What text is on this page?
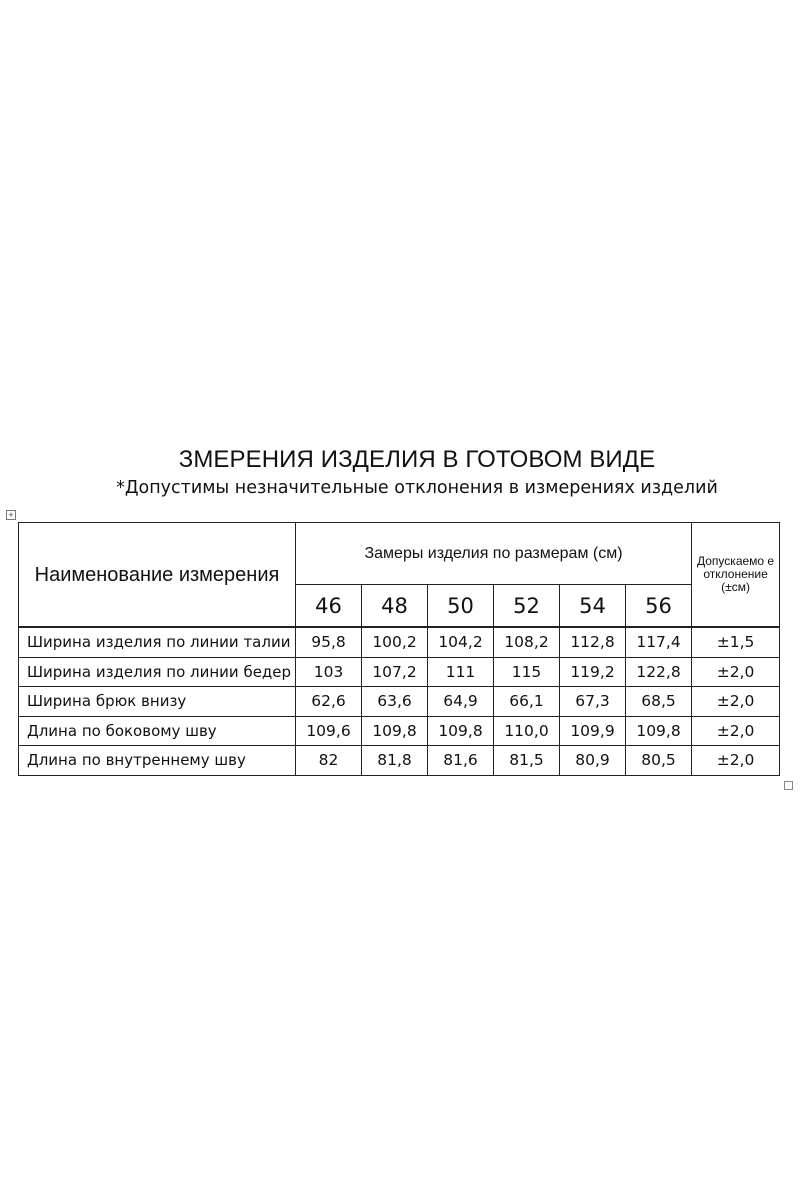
ЗМЕРЕНИЯ ИЗДЕЛИЯ В ГОТОВОМ ВИДЕ
*Допустимы незначительные отклонения в измерениях изделий
+
Наименование измерения	Замеры изделия по размерам (см)						Допускаемо е отклонение (±см)
	46	48	50	52	54	56	

Ширина изделия по линии талии	95,8	100,2	104,2	108,2	112,8	117,4	±1,5
Ширина изделия по линии бедер	103	107,2	111	115	119,2	122,8	±2,0
Ширина брюк внизу	62,6	63,6	64,9	66,1	67,3	68,5	±2,0
Длина по боковому шву	109,6	109,8	109,8	110,0	109,9	109,8	±2,0
Длина по внутреннему шву	82	81,8	81,6	81,5	80,9	80,5	±2,0
